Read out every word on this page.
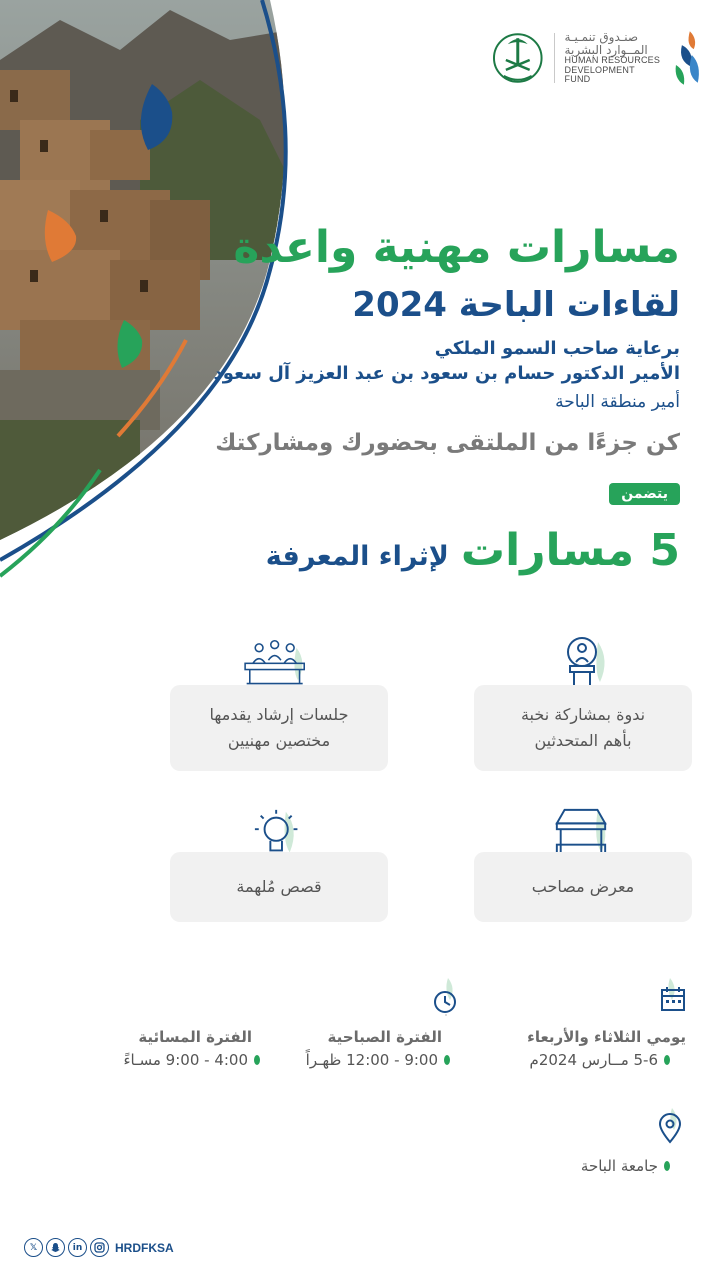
صنـدوق تنمـيـة
المــوارد البشرية
HUMAN RESOURCES
DEVELOPMENT FUND
مسارات مهنية واعدة
لقاءات الباحة 2024
برعاية صاحب السمو الملكي
الأمير الدكتور حسام بن سعود بن عبد العزيز آل سعود
أمير منطقة الباحة
كن جزءًا من الملتقى بحضورك ومشاركتك
يتضمن
5 مسارات
لإثراء المعرفة
ندوة بمشاركة نخبة
بأهم المتحدثين
جلسات إرشاد يقدمها
مختصين مهنيين
معرض مصاحب
قصص مُلهمة
يومي الثلاثاء والأربعاء
5-6 مــارس 2024م
الفترة الصباحية
9:00 - 12:00 ظهـراً
الفترة المسائية
4:00 - 9:00 مسـاءً
جامعة الباحة
𝕏	in	HRDFKSA
